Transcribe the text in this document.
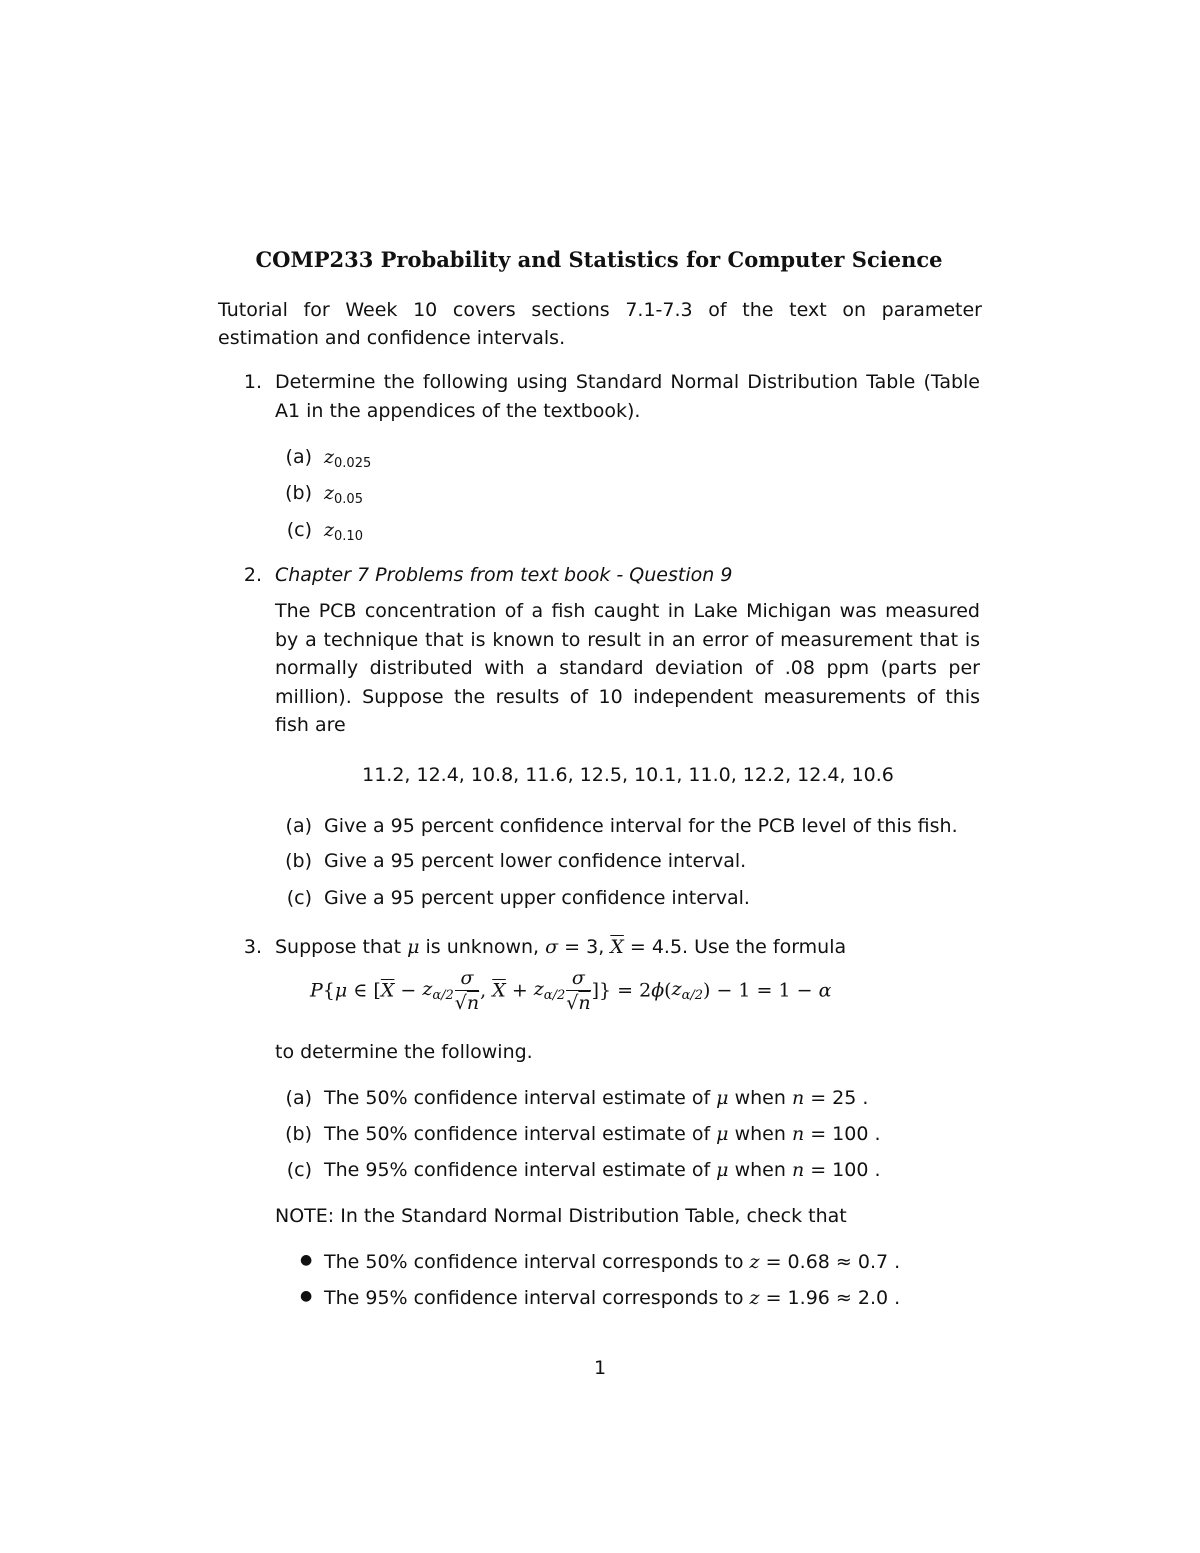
COMP233 Probability and Statistics for Computer Science
Tutorial for Week 10 covers sections 7.1-7.3 of the text on parameter estimation and confidence intervals.
1. Determine the following using Standard Normal Distribution Table (Table A1 in the appendices of the textbook).
(a) $z_{0.025}$
(b) $z_{0.05}$
(c) $z_{0.10}$
2. Chapter 7 Problems from text book - Question 9
The PCB concentration of a fish caught in Lake Michigan was measured by a technique that is known to result in an error of measurement that is normally distributed with a standard deviation of .08 ppm (parts per million). Suppose the results of 10 independent measurements of this fish are
11.2, 12.4, 10.8, 11.6, 12.5, 10.1, 11.0, 12.2, 12.4, 10.6
(a) Give a 95 percent confidence interval for the PCB level of this fish.
(b) Give a 95 percent lower confidence interval.
(c) Give a 95 percent upper confidence interval.
3. Suppose that μ is unknown, σ = 3, $\overline{X} = 4.5$. Use the formula
P{μ ∈ [$\overline{X} - z_{\alpha/2} \frac{\sigma}{√n}$ , $\overline{X} + z_{\alpha/2} \frac{\sigma}{√n}$ ]} = $2\phi(z_{\alpha/2}) - 1 = 1 - \alpha$
to determine the following.
(a) The 50% confidence interval estimate of μ when n = 25 .
(b) The 50% confidence interval estimate of μ when n = 100 .
(c) The 95% confidence interval estimate of μ when n = 100 .
NOTE: In the Standard Normal Distribution Table, check that
● The 50% confidence interval corresponds to z = 0.68 ≈ 0.7 .
● The 95% confidence interval corresponds to z = 1.96 ≈ 2.0 .
1
